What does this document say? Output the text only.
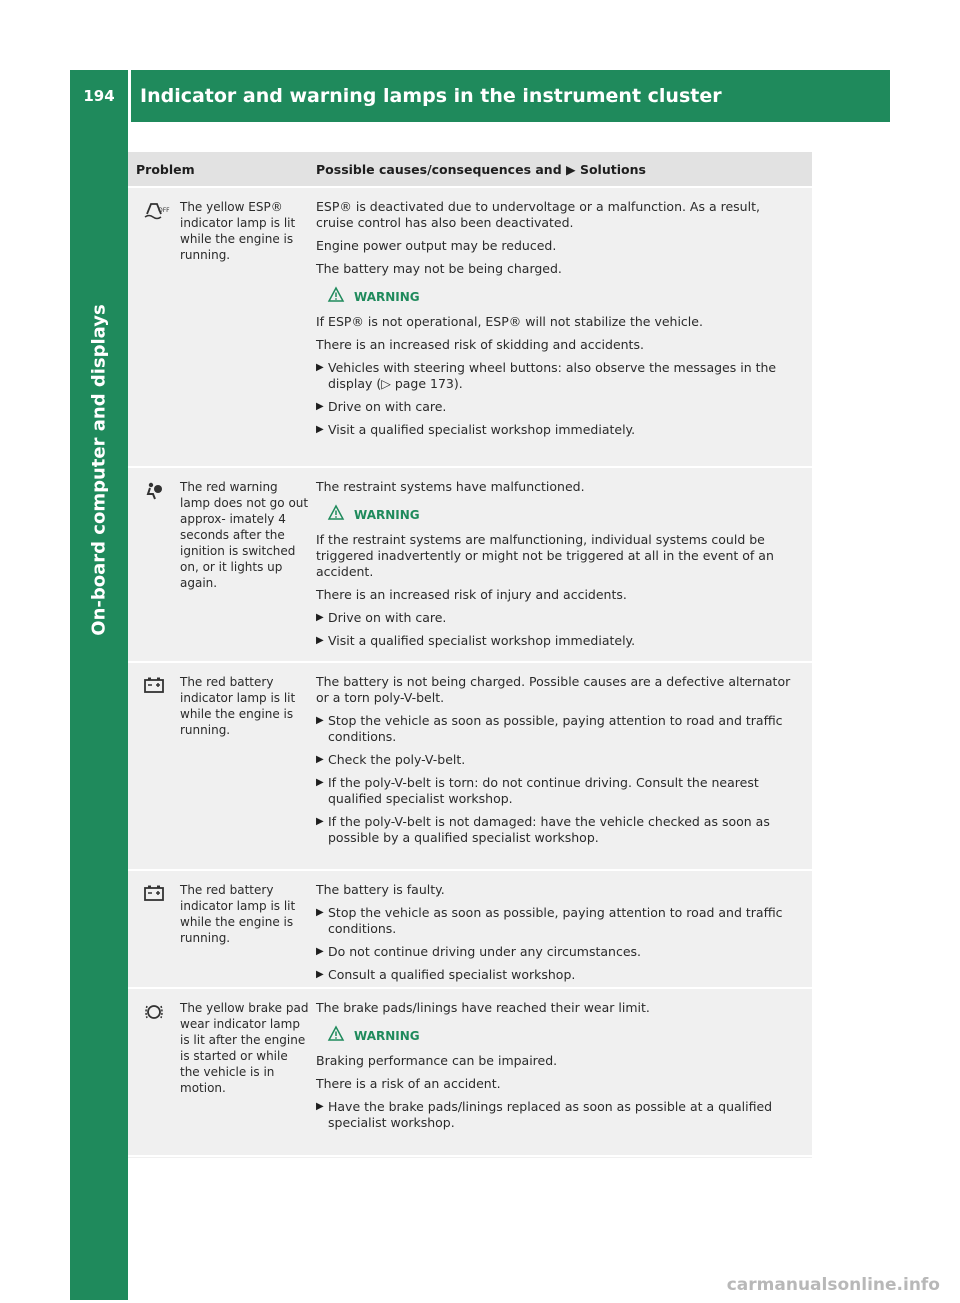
194	Indicator and warning lamps in the instrument cluster
On-board computer and displays
Problem	Possible causes/consequences and ▶ Solutions
OFF The yellow ESP® indicator lamp is lit while the engine is running.

ESP® is deactivated due to undervoltage or a malfunction. As a result, cruise control has also been deactivated.

Engine power output may be reduced.

The battery may not be being charged.

WARNING

If ESP® is not operational, ESP® will not stabilize the vehicle.

There is an increased risk of skidding and accidents.

▶ Vehicles with steering wheel buttons: also observe the messages in the display (▷ page 173).
▶ Drive on with care.
▶ Visit a qualified specialist workshop immediately.
The red warning lamp does not go out approx- imately 4 seconds after the ignition is switched on, or it lights up again.

The restraint systems have malfunctioned.

WARNING

If the restraint systems are malfunctioning, individual systems could be triggered inadvertently or might not be triggered at all in the event of an accident.

There is an increased risk of injury and accidents.

▶ Drive on with care.
▶ Visit a qualified specialist workshop immediately.
The red battery indicator lamp is lit while the engine is running.

The battery is not being charged. Possible causes are a defective alternator or a torn poly-V-belt.

▶ Stop the vehicle as soon as possible, paying attention to road and traffic conditions.
▶ Check the poly-V-belt.
▶ If the poly-V-belt is torn: do not continue driving. Consult the nearest qualified specialist workshop.
▶ If the poly-V-belt is not damaged: have the vehicle checked as soon as possible by a qualified specialist workshop.
The red battery indicator lamp is lit while the engine is running.

The battery is faulty.

▶ Stop the vehicle as soon as possible, paying attention to road and traffic conditions.
▶ Do not continue driving under any circumstances.
▶ Consult a qualified specialist workshop.
The yellow brake pad wear indicator lamp is lit after the engine is started or while the vehicle is in motion.

The brake pads/linings have reached their wear limit.

WARNING

Braking performance can be impaired.

There is a risk of an accident.

▶ Have the brake pads/linings replaced as soon as possible at a qualified specialist workshop.
carmanualsonline.info
